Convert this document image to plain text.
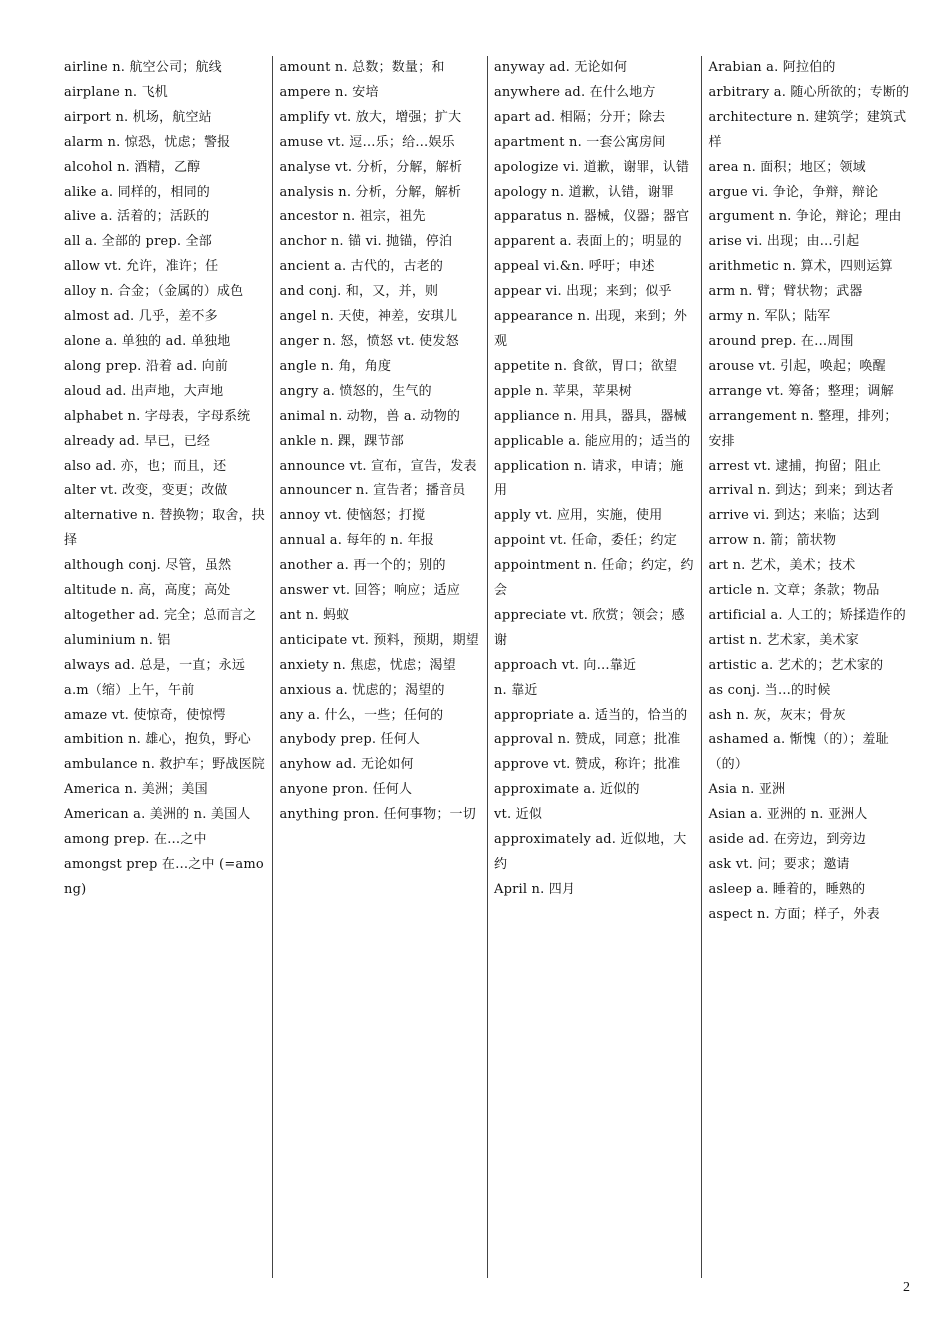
airline n. 航空公司；航线
airplane n. 飞机
airport n. 机场，航空站
alarm n. 惊恐，忧虑；警报
alcohol n. 酒精，乙醇
alike a. 同样的，相同的
alive a. 活着的；活跃的
all a. 全部的 prep. 全部
allow vt. 允许，准许；任
alloy n. 合金；（金属的）成色
almost ad. 几乎，差不多
alone a. 单独的 ad. 单独地
along prep. 沿着 ad. 向前
aloud ad. 出声地，大声地
alphabet n. 字母表，字母系统
already ad. 早已，已经
also ad. 亦，也；而且，还
alter vt. 改变，变更；改做
alternative n. 替换物；取舍，抉择
although conj. 尽管，虽然
altitude n. 高，高度；高处
altogether ad. 完全；总而言之
aluminium n. 铝
always ad. 总是，一直；永远
a.m（缩）上午，午前
amaze vt. 使惊奇，使惊愕
ambition n. 雄心，抱负，野心
ambulance n. 救护车；野战医院
America n. 美洲；美国
American a. 美洲的 n. 美国人
among prep. 在…之中
amongst prep 在…之中 (=among)
amount n. 总数；数量；和
ampere n. 安培
amplify vt. 放大，增强；扩大
amuse vt. 逗…乐；给…娱乐
analyse vt. 分析，分解，解析
analysis n. 分析，分解，解析
ancestor n. 祖宗，祖先
anchor n. 锚 vi. 抛锚，停泊
ancient a. 古代的，古老的
and conj. 和，又，并，则
angel n. 天使，神差，安琪儿
anger n. 怒，愤怒 vt. 使发怒
angle n. 角，角度
angry a. 愤怒的，生气的
animal n. 动物，兽 a. 动物的
ankle n. 踝，踝节部
announce vt. 宣布，宣告，发表
announcer n. 宣告者；播音员
annoy vt. 使恼怒；打搅
annual a. 每年的 n. 年报
another a. 再一个的；别的
answer vt. 回答；响应；适应
ant n. 蚂蚁
anticipate vt. 预料，预期，期望
anxiety n. 焦虑，忧虑；渴望
anxious a. 忧虑的；渴望的
any a. 什么，一些；任何的
anybody prep. 任何人
anyhow ad. 无论如何
anyone pron. 任何人
anything pron. 任何事物；一切
anyway ad. 无论如何
anywhere ad. 在什么地方
apart ad. 相隔；分开；除去
apartment n. 一套公寓房间
apologize vi. 道歉，谢罪，认错
apology n. 道歉，认错，谢罪
apparatus n. 器械，仪器；器官
apparent a. 表面上的；明显的
appeal vi.&n. 呼吁；申述
appear vi. 出现；来到；似乎
appearance n. 出现，来到；外观
appetite n. 食欲，胃口；欲望
apple n. 苹果，苹果树
appliance n. 用具，器具，器械
applicable a. 能应用的；适当的
application n. 请求，申请；施用
apply vt. 应用，实施，使用
appoint vt. 任命，委任；约定
appointment n. 任命；约定，约会
appreciate vt. 欣赏；领会；感谢
approach vt. 向…靠近
n. 靠近
appropriate a. 适当的，恰当的
approval n. 赞成，同意；批准
approve vt. 赞成，称许；批准
approximate a. 近似的
vt. 近似
approximately ad. 近似地，大约
April n. 四月
Arabian a. 阿拉伯的
arbitrary a. 随心所欲的；专断的
architecture n. 建筑学；建筑式样
area n. 面积；地区；领域
argue vi. 争论，争辩，辩论
argument n. 争论，辩论；理由
arise vi. 出现；由…引起
arithmetic n. 算术，四则运算
arm n. 臂；臂状物；武器
army n. 军队；陆军
around prep. 在…周围
arouse vt. 引起，唤起；唤醒
arrange vt. 筹备；整理；调解
arrangement n. 整理，排列；安排
arrest vt. 逮捕，拘留；阻止
arrival n. 到达；到来；到达者
arrive vi. 到达；来临；达到
arrow n. 箭；箭状物
art n. 艺术，美术；技术
article n. 文章；条款；物品
artificial a. 人工的；矫揉造作的
artist n. 艺术家，美术家
artistic a. 艺术的；艺术家的
as conj. 当…的时候
ash n. 灰，灰末；骨灰
ashamed a. 惭愧（的）；羞耻（的）
Asia n. 亚洲
Asian a. 亚洲的 n. 亚洲人
aside ad. 在旁边，到旁边
ask vt. 问；要求；邀请
asleep a. 睡着的，睡熟的
aspect n. 方面；样子，外表
2
